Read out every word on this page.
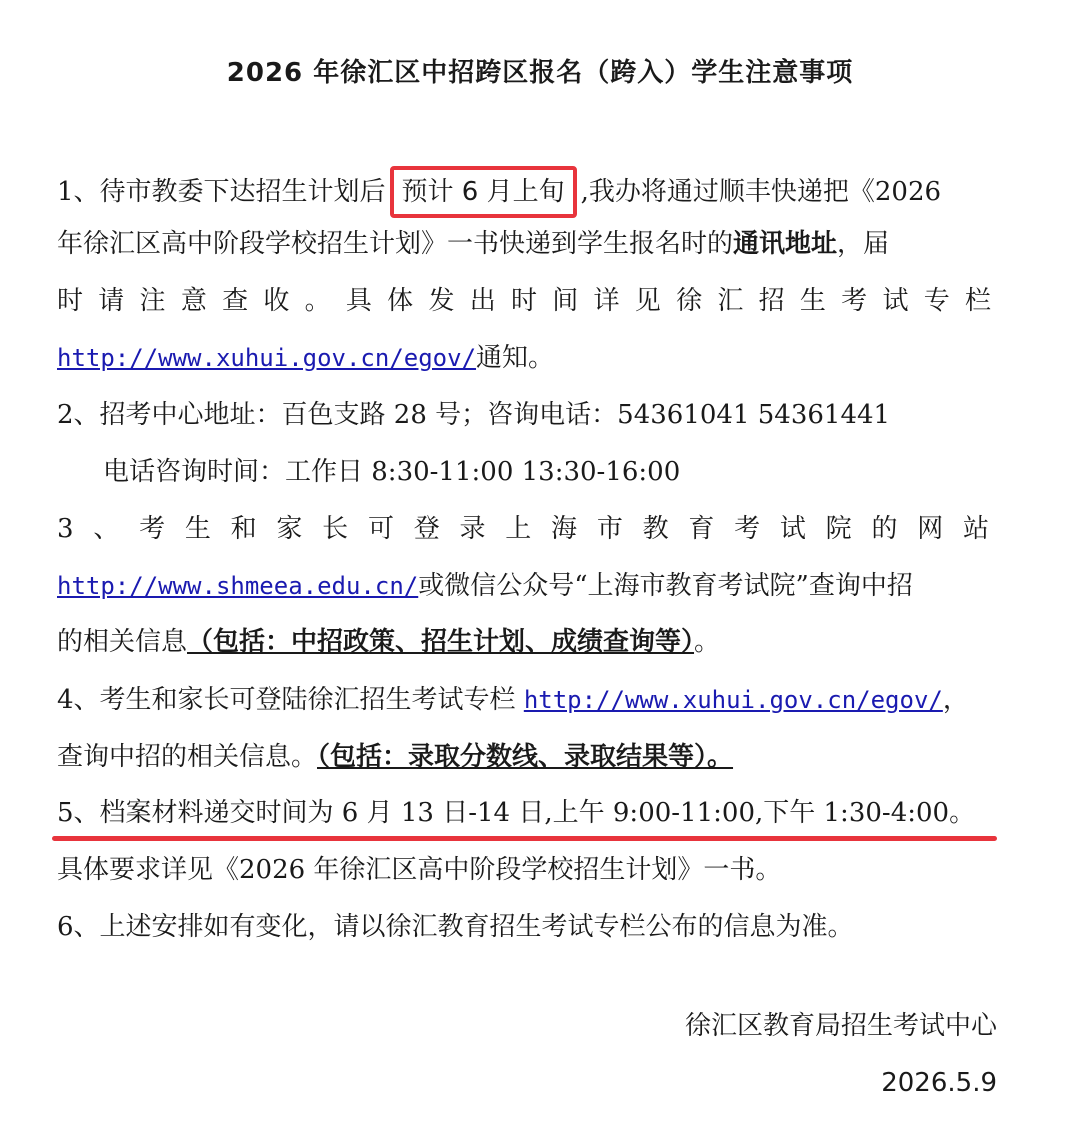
2026 年徐汇区中招跨区报名（跨入）学生注意事项
1、待市教委下达招生计划后 预计 6 月上旬 ,我办将通过顺丰快递把《2026
年徐汇区高中阶段学校招生计划》一书快递到学生报名时的通讯地址，届
时请注意查收。具体发出时间详见徐汇招生考试专栏
http://www.xuhui.gov.cn/egov/通知。
2、招考中心地址：百色支路 28 号；咨询电话：54361041 54361441
电话咨询时间：工作日 8:30-11:00 13:30-16:00
3、考生和家长可登录上海市教育考试院的网站
http://www.shmeea.edu.cn/或微信公众号“上海市教育考试院”查询中招
的相关信息（包括：中招政策、招生计划、成绩查询等）。
4、考生和家长可登陆徐汇招生考试专栏 http://www.xuhui.gov.cn/egov/，
查询中招的相关信息。（包括：录取分数线、录取结果等）。
5、档案材料递交时间为 6 月 13 日-14 日,上午 9:00-11:00,下午 1:30-4:00。
具体要求详见《2026 年徐汇区高中阶段学校招生计划》一书。
6、上述安排如有变化，请以徐汇教育招生考试专栏公布的信息为准。
徐汇区教育局招生考试中心
2026.5.9
